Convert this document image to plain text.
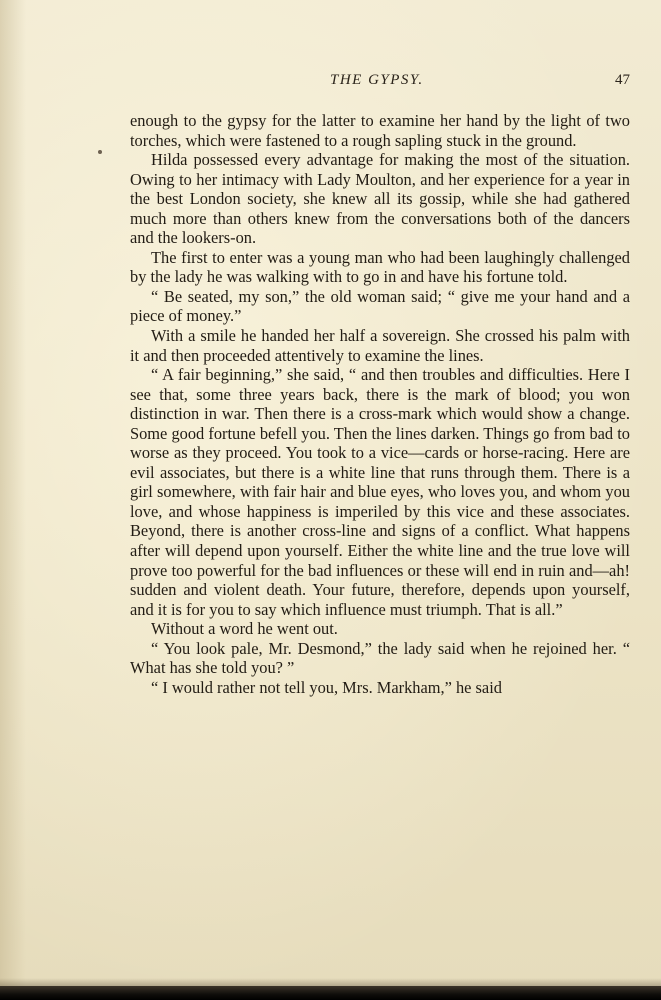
THE GYPSY.	47

enough to the gypsy for the latter to examine her hand by the light of two torches, which were fastened to a rough sapling stuck in the ground.

Hilda possessed every advantage for making the most of the situation. Owing to her intimacy with Lady Moulton, and her experience for a year in the best London society, she knew all its gossip, while she had gathered much more than others knew from the conversations both of the dancers and the lookers-on.

The first to enter was a young man who had been laughingly challenged by the lady he was walking with to go in and have his fortune told.

“ Be seated, my son,” the old woman said; “ give me your hand and a piece of money.”

With a smile he handed her half a sovereign. She crossed his palm with it and then proceeded attentively to examine the lines.

“ A fair beginning,” she said, “ and then troubles and difficulties. Here I see that, some three years back, there is the mark of blood; you won distinction in war. Then there is a cross-mark which would show a change. Some good fortune befell you. Then the lines darken. Things go from bad to worse as they proceed. You took to a vice—cards or horse-racing. Here are evil associates, but there is a white line that runs through them. There is a girl somewhere, with fair hair and blue eyes, who loves you, and whom you love, and whose happiness is imperiled by this vice and these associates. Beyond, there is another cross-line and signs of a conflict. What happens after will depend upon yourself. Either the white line and the true love will prove too powerful for the bad influences or these will end in ruin and—ah! sudden and violent death. Your future, therefore, depends upon yourself, and it is for you to say which influence must triumph. That is all.”

Without a word he went out.

“ You look pale, Mr. Desmond,” the lady said when he rejoined her. “ What has she told you? ”

“ I would rather not tell you, Mrs. Markham,” he said
